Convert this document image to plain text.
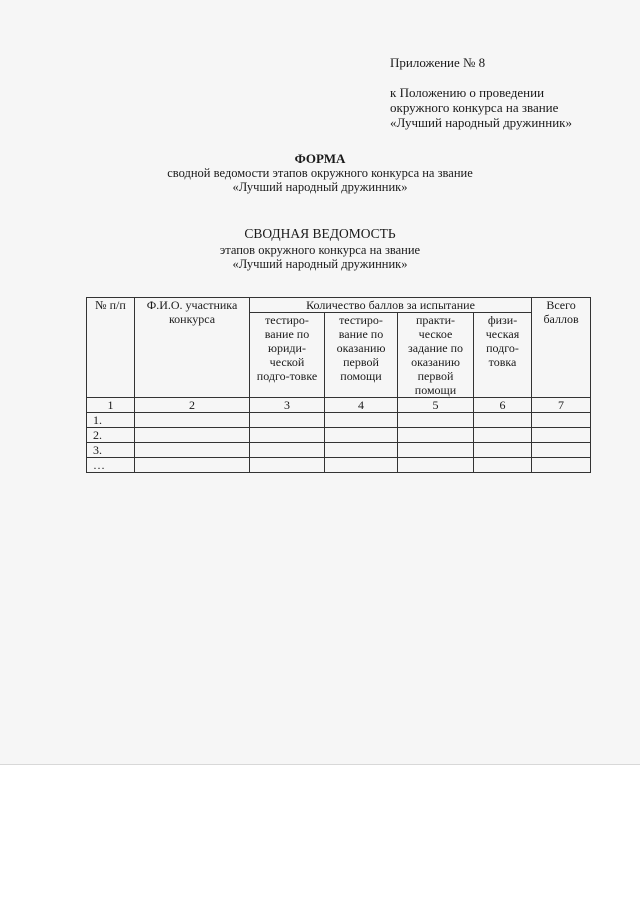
Приложение № 8
к Положению о проведении
окружного конкурса на звание
«Лучший народный дружинник»
ФОРМА
сводной ведомости этапов окружного конкурса на звание
«Лучший народный дружинник»
СВОДНАЯ ВЕДОМОСТЬ
этапов окружного конкурса на звание
«Лучший народный дружинник»
№ п/п	Ф.И.О. участника конкурса	Количество баллов за испытание				Всего баллов
		тестиро-вание по юриди-ческой подго-товке	тестиро-вание по оказанию первой помощи	практи-ческое задание по оказанию первой помощи	физи-ческая подго-товка	
1	2	3	4	5	6	7
1.						
2.						
3.						
…						
